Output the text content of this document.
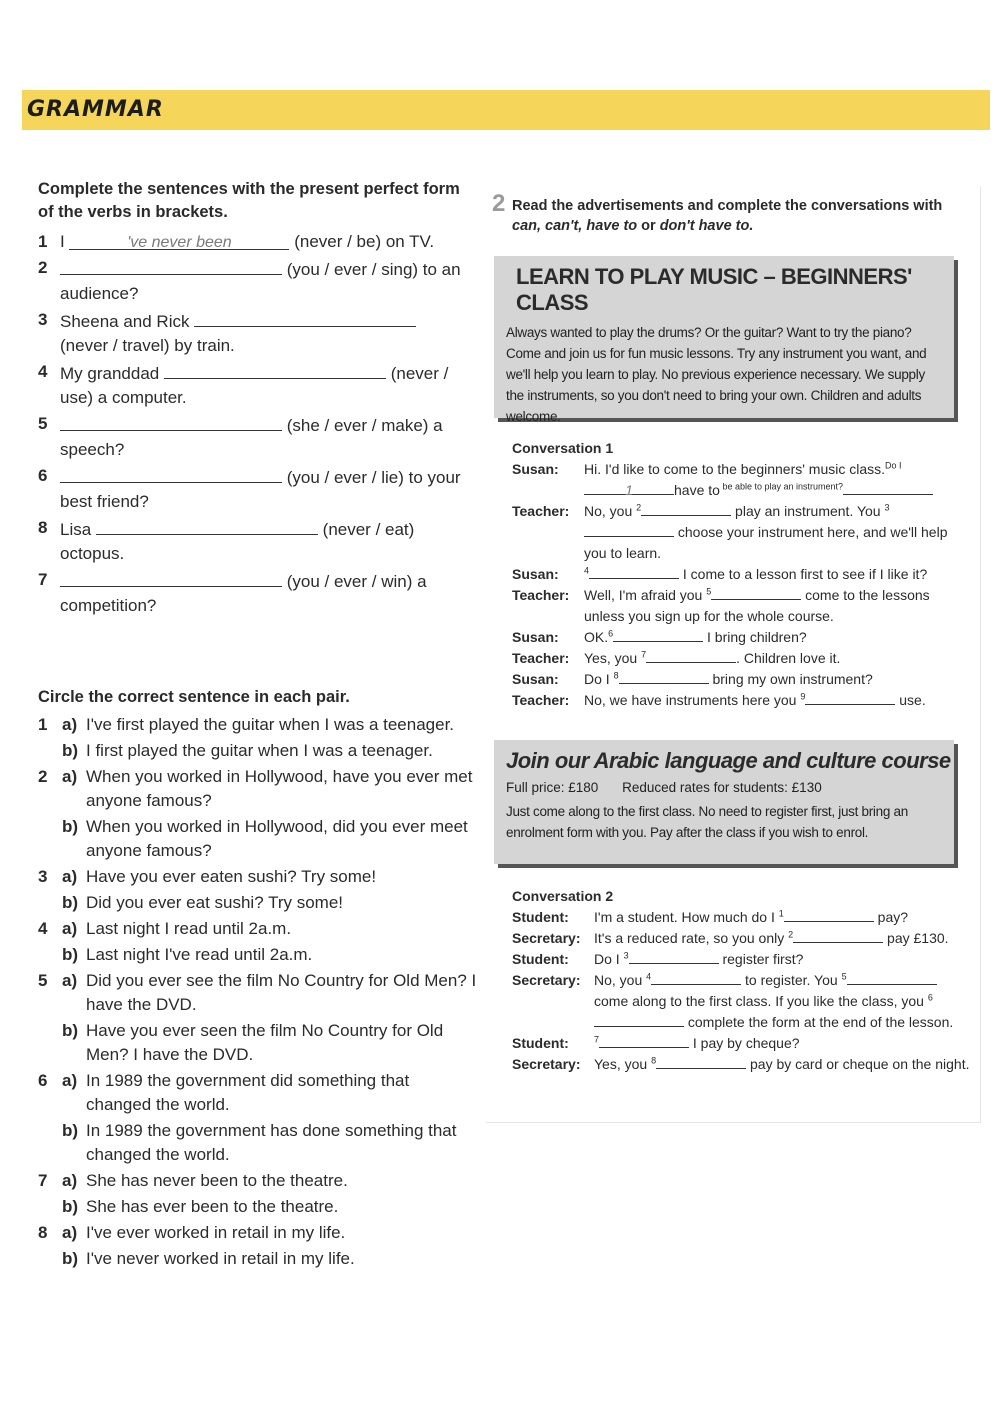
GRAMMAR
Complete the sentences with the present perfect form of the verbs in brackets.
1 I	've never been	(never / be) on TV.
2	(you / ever / sing) to an audience?
3 Sheena and Rick  (never / travel) by train.
4 My granddad	(never / use) a computer.
5	(she / ever / make) a speech?
6	(you / ever / lie) to your best friend?
8 Lisa	(never / eat) octopus.
7	(you / ever / win) a competition?
Circle the correct sentence in each pair.
1 a) I've first played the guitar when I was a teenager.
b) I first played the guitar when I was a teenager.
2 a) When you worked in Hollywood, have you ever met anyone famous?
b) When you worked in Hollywood, did you ever meet anyone famous?
3 a) Have you ever eaten sushi? Try some!
b) Did you ever eat sushi? Try some!
4 a) Last night I read until 2a.m.
b) Last night I've read until 2a.m.
5 a) Did you ever see the film No Country for Old Men? I have the DVD.
b) Have you ever seen the film No Country for Old Men? I have the DVD.
6 a) In 1989 the government did something that changed the world.
b) In 1989 the government has done something that changed the world.
7 a) She has never been to the theatre.
b) She has ever been to the theatre.
8 a) I've ever worked in retail in my life.
b) I've never worked in retail in my life.
2 Read the advertisements and complete the conversations with can, can't, have to or don't have to.
LEARN TO PLAY MUSIC – BEGINNERS' CLASS
Always wanted to play the drums? Or the guitar? Want to try the piano? Come and join us for fun music lessons. Try any instrument you want, and we'll help you learn to play. No previous experience necessary. We supply the instruments, so you don't need to bring your own. Children and adults welcome.
Conversation 1
Susan: Hi. I'd like to come to the beginners' music class.$^{Do I}$ 1	have to $^{be able to play an instrument?}$
Teacher: No, you $^2$	play an instrument. You $^3$ choose your instrument here, and we'll help you to learn.
Susan:	$^4$	I come to a lesson first to see if I like it?
Teacher: Well, I'm afraid you $^5$	come to the lessons unless you sign up for the whole course.
Susan: OK.$^6$	I bring children?
Teacher: Yes, you $^7$	. Children love it.
Susan: Do I $^8$	bring my own instrument?
Teacher: No, we have instruments here you $^9$	use.
Join our Arabic language and culture course
Full price: £180 Reduced rates for students: £130
Just come along to the first class. No need to register first, just bring an enrolment form with you. Pay after the class if you wish to enrol.
Conversation 2
Student: I'm a student. How much do I $^1$	pay?
Secretary: It's a reduced rate, so you only $^2$	pay £130.
Student: Do I $^3$	register first?
Secretary: No, you $^4$	to register. You $^5$ come along to the first class. If you like the class, you $^6$ complete the form at the end of the lesson.
Student:	$^7$	I pay by cheque?
Secretary: Yes, you $^8$	pay by card or cheque on the night.
